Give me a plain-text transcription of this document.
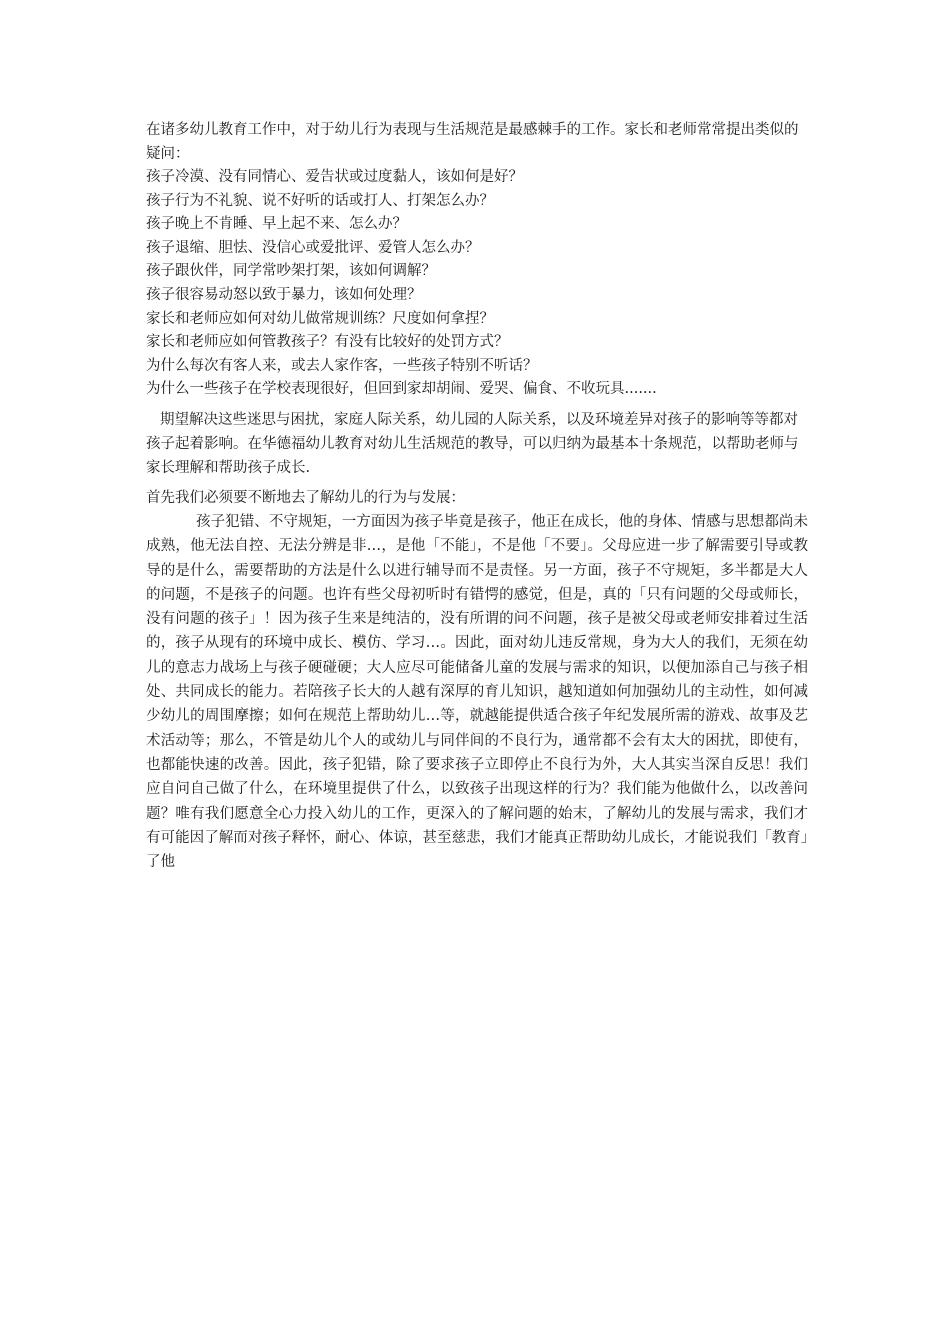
在诸多幼儿教育工作中，对于幼儿行为表现与生活规范是最感棘手的工作。家长和老师常常提出类似的疑问：

孩子冷漠、没有同情心、爱告状或过度黏人，该如何是好？
孩子行为不礼貌、说不好听的话或打人、打架怎么办？
孩子晚上不肯睡、早上起不来、怎么办？
孩子退缩、胆怯、没信心或爱批评、爱管人怎么办？
孩子跟伙伴，同学常吵架打架，该如何调解？
孩子很容易动怒以致于暴力，该如何处理？
家长和老师应如何对幼儿做常规训练？尺度如何拿捏？
家长和老师应如何管教孩子？有没有比较好的处罚方式？
为什么每次有客人来，或去人家作客，一些孩子特别不听话？
为什么一些孩子在学校表现很好，但回到家却胡闹、爱哭、偏食、不收玩具.......

期望解决这些迷思与困扰，家庭人际关系，幼儿园的人际关系，以及环境差异对孩子的影响等等都对孩子起着影响。在华德福幼儿教育对幼儿生活规范的教导，可以归纳为最基本十条规范，以帮助老师与家长理解和帮助孩子成长.

首先我们必须要不断地去了解幼儿的行为与发展：

孩子犯错、不守规矩，一方面因为孩子毕竟是孩子，他正在成长，他的身体、情感与思想都尚未成熟，他无法自控、无法分辨是非…，是他「不能」，不是他「不要」。父母应进一步了解需要引导或教导的是什么，需要帮助的方法是什么以进行辅导而不是责怪。另一方面，孩子不守规矩，多半都是大人的问题，不是孩子的问题。也许有些父母初听时有错愕的感觉，但是，真的「只有问题的父母或师长，没有问题的孩子」！因为孩子生来是纯洁的，没有所谓的问不问题，孩子是被父母或老师安排着过生活的，孩子从现有的环境中成长、模仿、学习…。因此，面对幼儿违反常规，身为大人的我们，无须在幼儿的意志力战场上与孩子硬碰硬；大人应尽可能储备儿童的发展与需求的知识，以便加添自己与孩子相处、共同成长的能力。若陪孩子长大的人越有深厚的育儿知识，越知道如何加强幼儿的主动性，如何减少幼儿的周围摩擦；如何在规范上帮助幼儿…等，就越能提供适合孩子年纪发展所需的游戏、故事及艺术活动等；那么，不管是幼儿个人的或幼儿与同伴间的不良行为，通常都不会有太大的困扰，即使有，也都能快速的改善。因此，孩子犯错，除了要求孩子立即停止不良行为外，大人其实当深自反思！我们应自问自己做了什么，在环境里提供了什么，以致孩子出现这样的行为？我们能为他做什么，以改善问题？唯有我们愿意全心力投入幼儿的工作，更深入的了解问题的始末，了解幼儿的发展与需求，我们才有可能因了解而对孩子释怀，耐心、体谅，甚至慈悲，我们才能真正帮助幼儿成长，才能说我们「教育」了他
